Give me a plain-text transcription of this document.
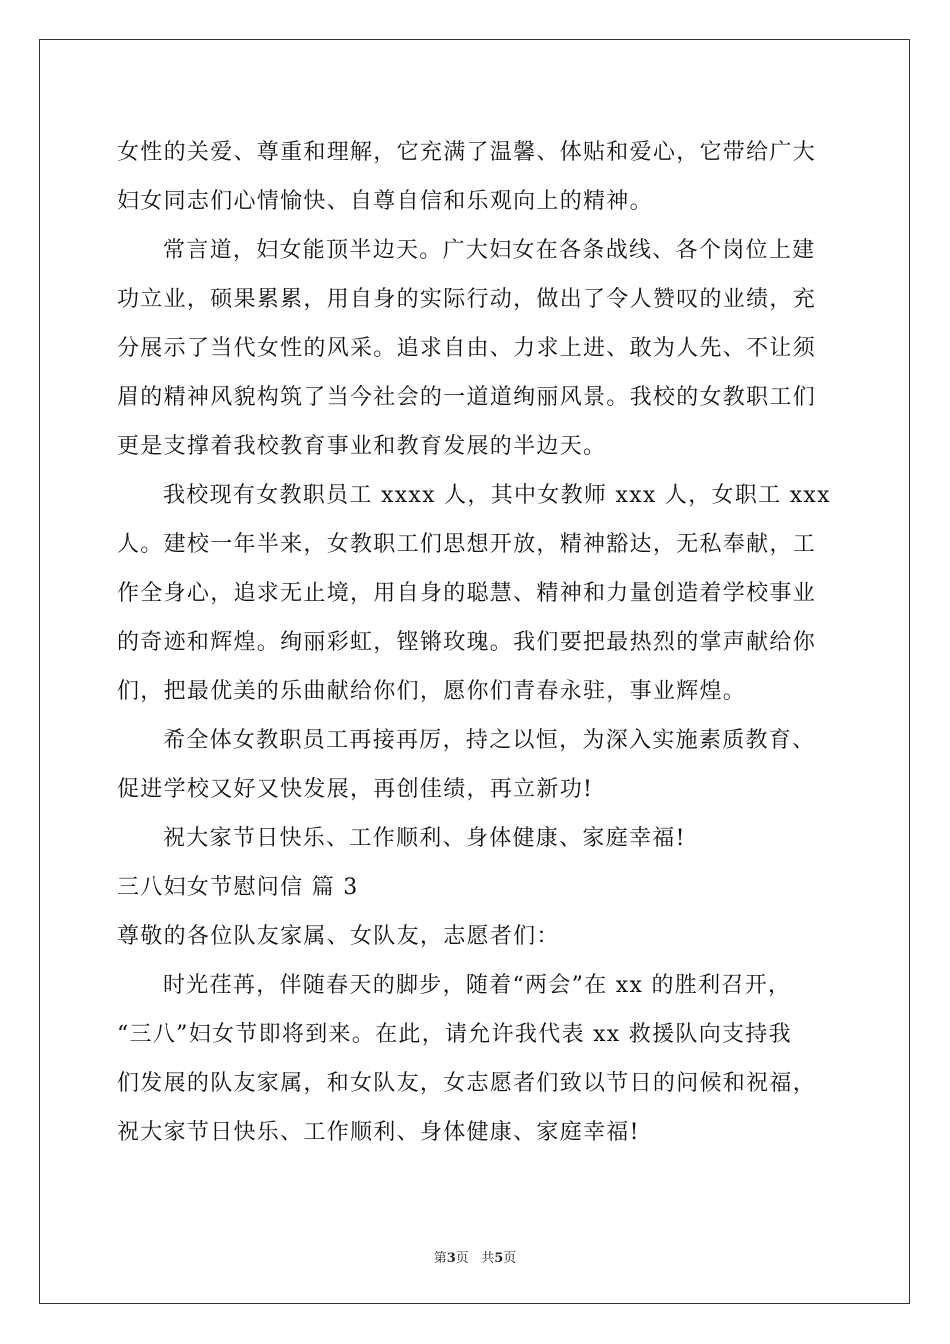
女性的关爱、尊重和理解，它充满了温馨、体贴和爱心，它带给广大
妇女同志们心情愉快、自尊自信和乐观向上的精神。

常言道，妇女能顶半边天。广大妇女在各条战线、各个岗位上建
功立业，硕果累累，用自身的实际行动，做出了令人赞叹的业绩，充
分展示了当代女性的风采。追求自由、力求上进、敢为人先、不让须
眉的精神风貌构筑了当今社会的一道道绚丽风景。我校的女教职工们
更是支撑着我校教育事业和教育发展的半边天。

我校现有女教职员工 xxxx 人，其中女教师 xxx 人，女职工 xxx
人。建校一年半来，女教职工们思想开放，精神豁达，无私奉献，工
作全身心，追求无止境，用自身的聪慧、精神和力量创造着学校事业
的奇迹和辉煌。绚丽彩虹，铿锵玫瑰。我们要把最热烈的掌声献给你
们，把最优美的乐曲献给你们，愿你们青春永驻，事业辉煌。

希全体女教职员工再接再厉，持之以恒，为深入实施素质教育、
促进学校又好又快发展，再创佳绩，再立新功!

祝大家节日快乐、工作顺利、身体健康、家庭幸福!

三八妇女节慰问信 篇 3

尊敬的各位队友家属、女队友，志愿者们：

时光荏苒，伴随春天的脚步，随着“两会”在 xx 的胜利召开，
“三八”妇女节即将到来。在此，请允许我代表 xx 救援队向支持我
们发展的队友家属，和女队友，女志愿者们致以节日的问候和祝福，
祝大家节日快乐、工作顺利、身体健康、家庭幸福!

第3页 共5页
